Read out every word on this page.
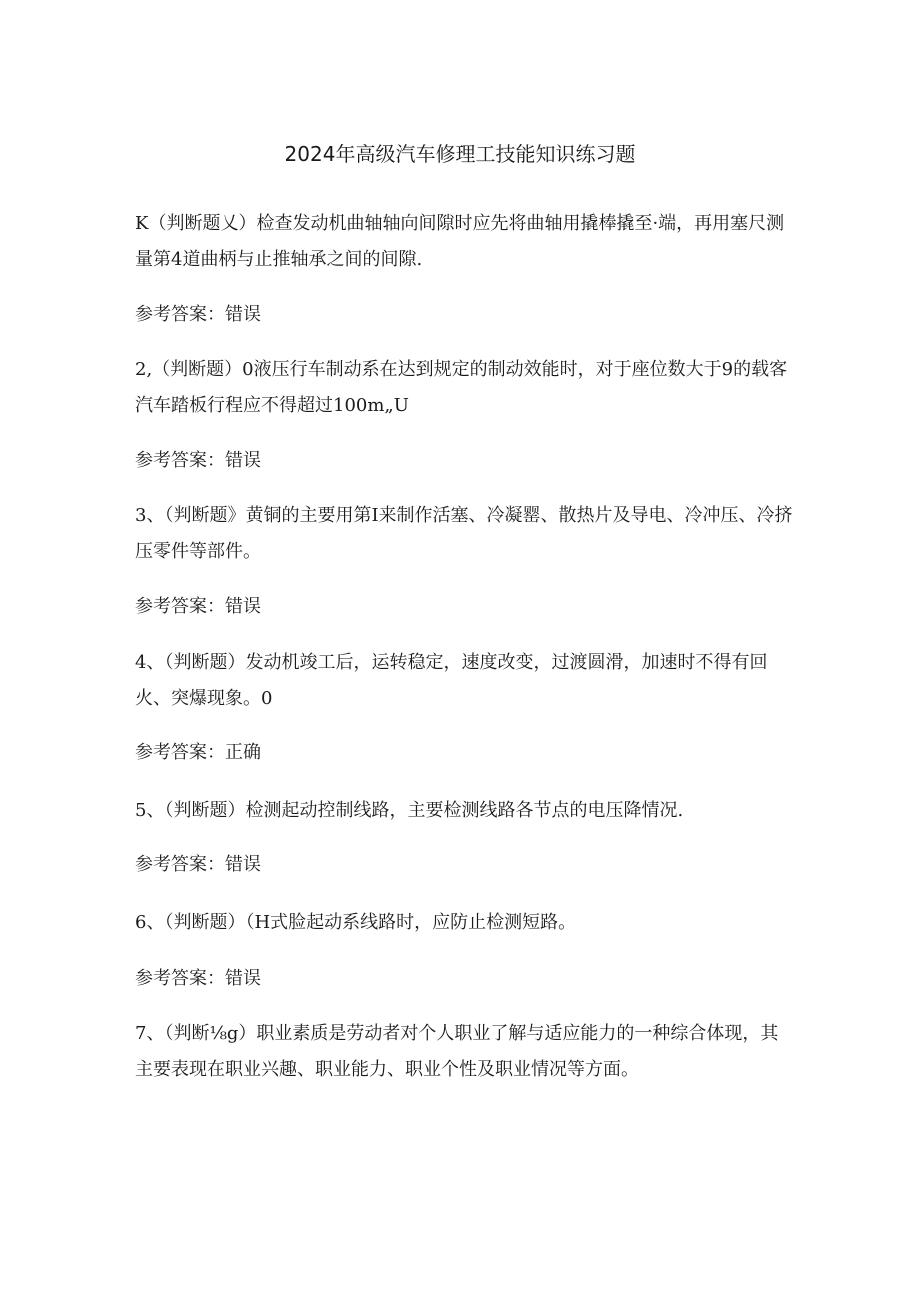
2024年高级汽车修理工技能知识练习题

K（判断题乂）检查发动机曲轴轴向间隙时应先将曲轴用撬棒撬至·端，再用塞尺测量第4道曲柄与止推轴承之间的间隙.

参考答案：错误

2,（判断题）0液压行车制动系在达到规定的制动效能时，对于座位数大于9的载客汽车踏板行程应不得超过100m„U

参考答案：错误

3、（判断题》黄铜的主要用第I来制作活塞、冷凝罂、散热片及导电、冷冲压、冷挤压零件等部件。

参考答案：错误

4、（判断题）发动机竣工后，运转稳定，速度改变，过渡圆滑，加速时不得有回火、突爆现象。0

参考答案：正确

5、（判断题）检测起动控制线路，主要检测线路各节点的电压降情况.

参考答案：错误

6、（判断题）（H式脸起动系线路时，应防止检测短路。

参考答案：错误

7、（判断⅛g）职业素质是劳动者对个人职业了解与适应能力的一种综合体现，其主要表现在职业兴趣、职业能力、职业个性及职业情况等方面。
